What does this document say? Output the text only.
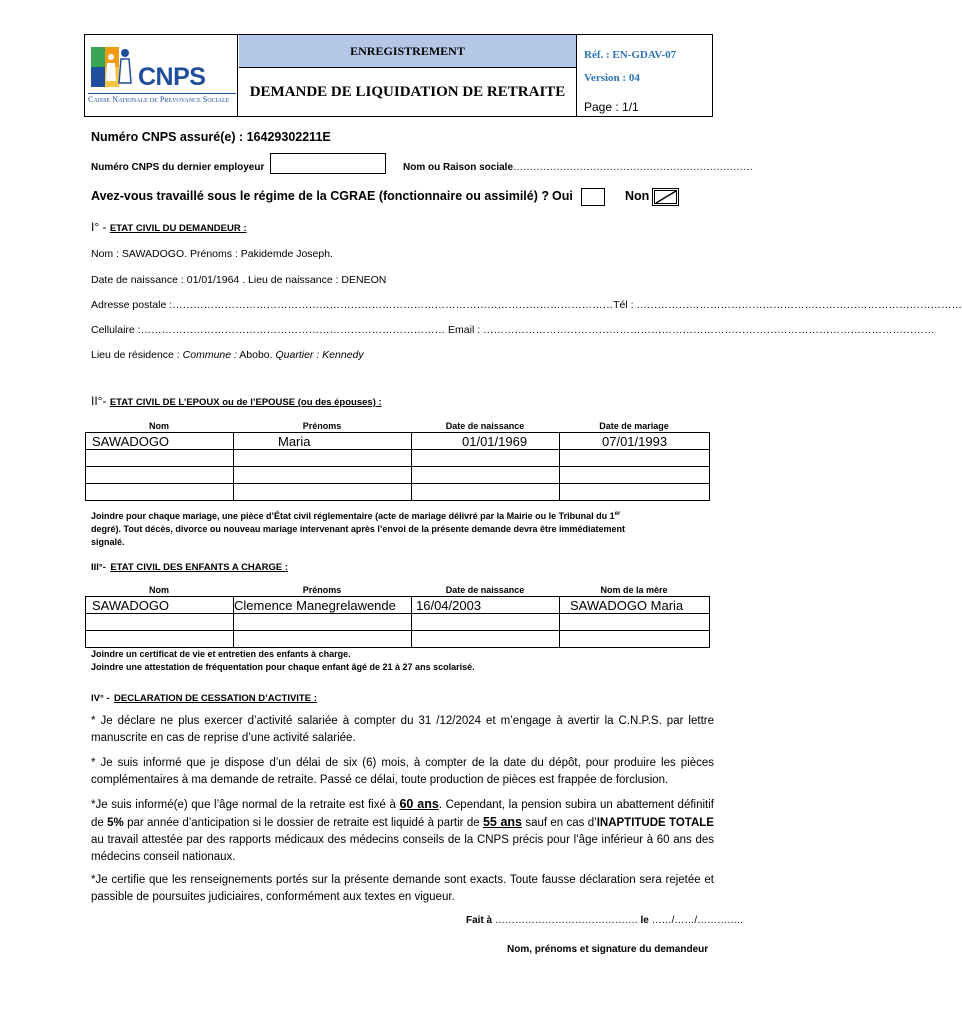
CNPS
Caisse Nationale de Prevoyance Sociale
ENREGISTREMENT
DEMANDE DE LIQUIDATION DE RETRAITE
Réf. : EN-GDAV-07
Version : 04
Page : 1/1
Numéro CNPS assuré(e) : 16429302211E
Numéro CNPS du dernier employeur	Nom ou Raison sociale………………………………………………………………
Avez-vous travaillé sous le régime de la CGRAE (fonctionnaire ou assimilé) ? Oui	Non
I° - ETAT CIVIL DU DEMANDEUR :
Nom : SAWADOGO. Prénoms : Pakidemde Joseph.
Date de naissance : 01/01/1964 . Lieu de naissance : DENEON
Adresse postale :………………………………………………………………………………………………………………Tél : …………………………………………………………………………………
Cellulaire :…………………………………………………………………………… Email : …………………………………………………………………………………………………………………
Lieu de résidence : Commune : Abobo. Quartier : Kennedy
II°- ETAT CIVIL DE L’EPOUX ou de l’EPOUSE (ou des épouses) :
Nom	Prénoms	Date de naissance	Date de mariage
SAWADOGO	Maria	01/01/1969	07/01/1993

Joindre pour chaque mariage, une pièce d’État civil réglementaire (acte de mariage délivré par la Mairie ou le Tribunal du 1er
degré). Tout décès, divorce ou nouveau mariage intervenant après l’envoi de la présente demande devra être immédiatement
signalé.
III°- ETAT CIVIL DES ENFANTS A CHARGE :
Nom	Prénoms	Date de naissance	Nom de la mère
SAWADOGO	Clemence Manegrelawende	16/04/2003	SAWADOGO Maria

Joindre un certificat de vie et entretien des enfants à charge.
Joindre une attestation de fréquentation pour chaque enfant âgé de 21 à 27 ans scolarisé.
IV° - DECLARATION DE CESSATION D’ACTIVITE :
* Je déclare ne plus exercer d’activité salariée à compter du 31 /12/2024 et m’engage à avertir la C.N.P.S. par lettre manuscrite en cas de reprise d’une activité salariée.
* Je suis informé que je dispose d’un délai de six (6) mois, à compter de la date du dépôt, pour produire les pièces complémentaires à ma demande de retraite. Passé ce délai, toute production de pièces est frappée de forclusion.
*Je suis informé(e) que l’âge normal de la retraite est fixé à 60 ans. Cependant, la pension subira un abattement définitif de 5% par année d’anticipation si le dossier de retraite est liquidé à partir de 55 ans sauf en cas d’INAPTITUDE TOTALE au travail attestée par des rapports médicaux des médecins conseils de la CNPS précis pour l’âge inférieur à 60 ans des médecins conseil nationaux.
*Je certifie que les renseignements portés sur la présente demande sont exacts. Toute fausse déclaration sera rejetée et passible de poursuites judiciaires, conformément aux textes en vigueur.
Fait à ……………………………………. le ……/……/…………..
Nom, prénoms et signature du demandeur
